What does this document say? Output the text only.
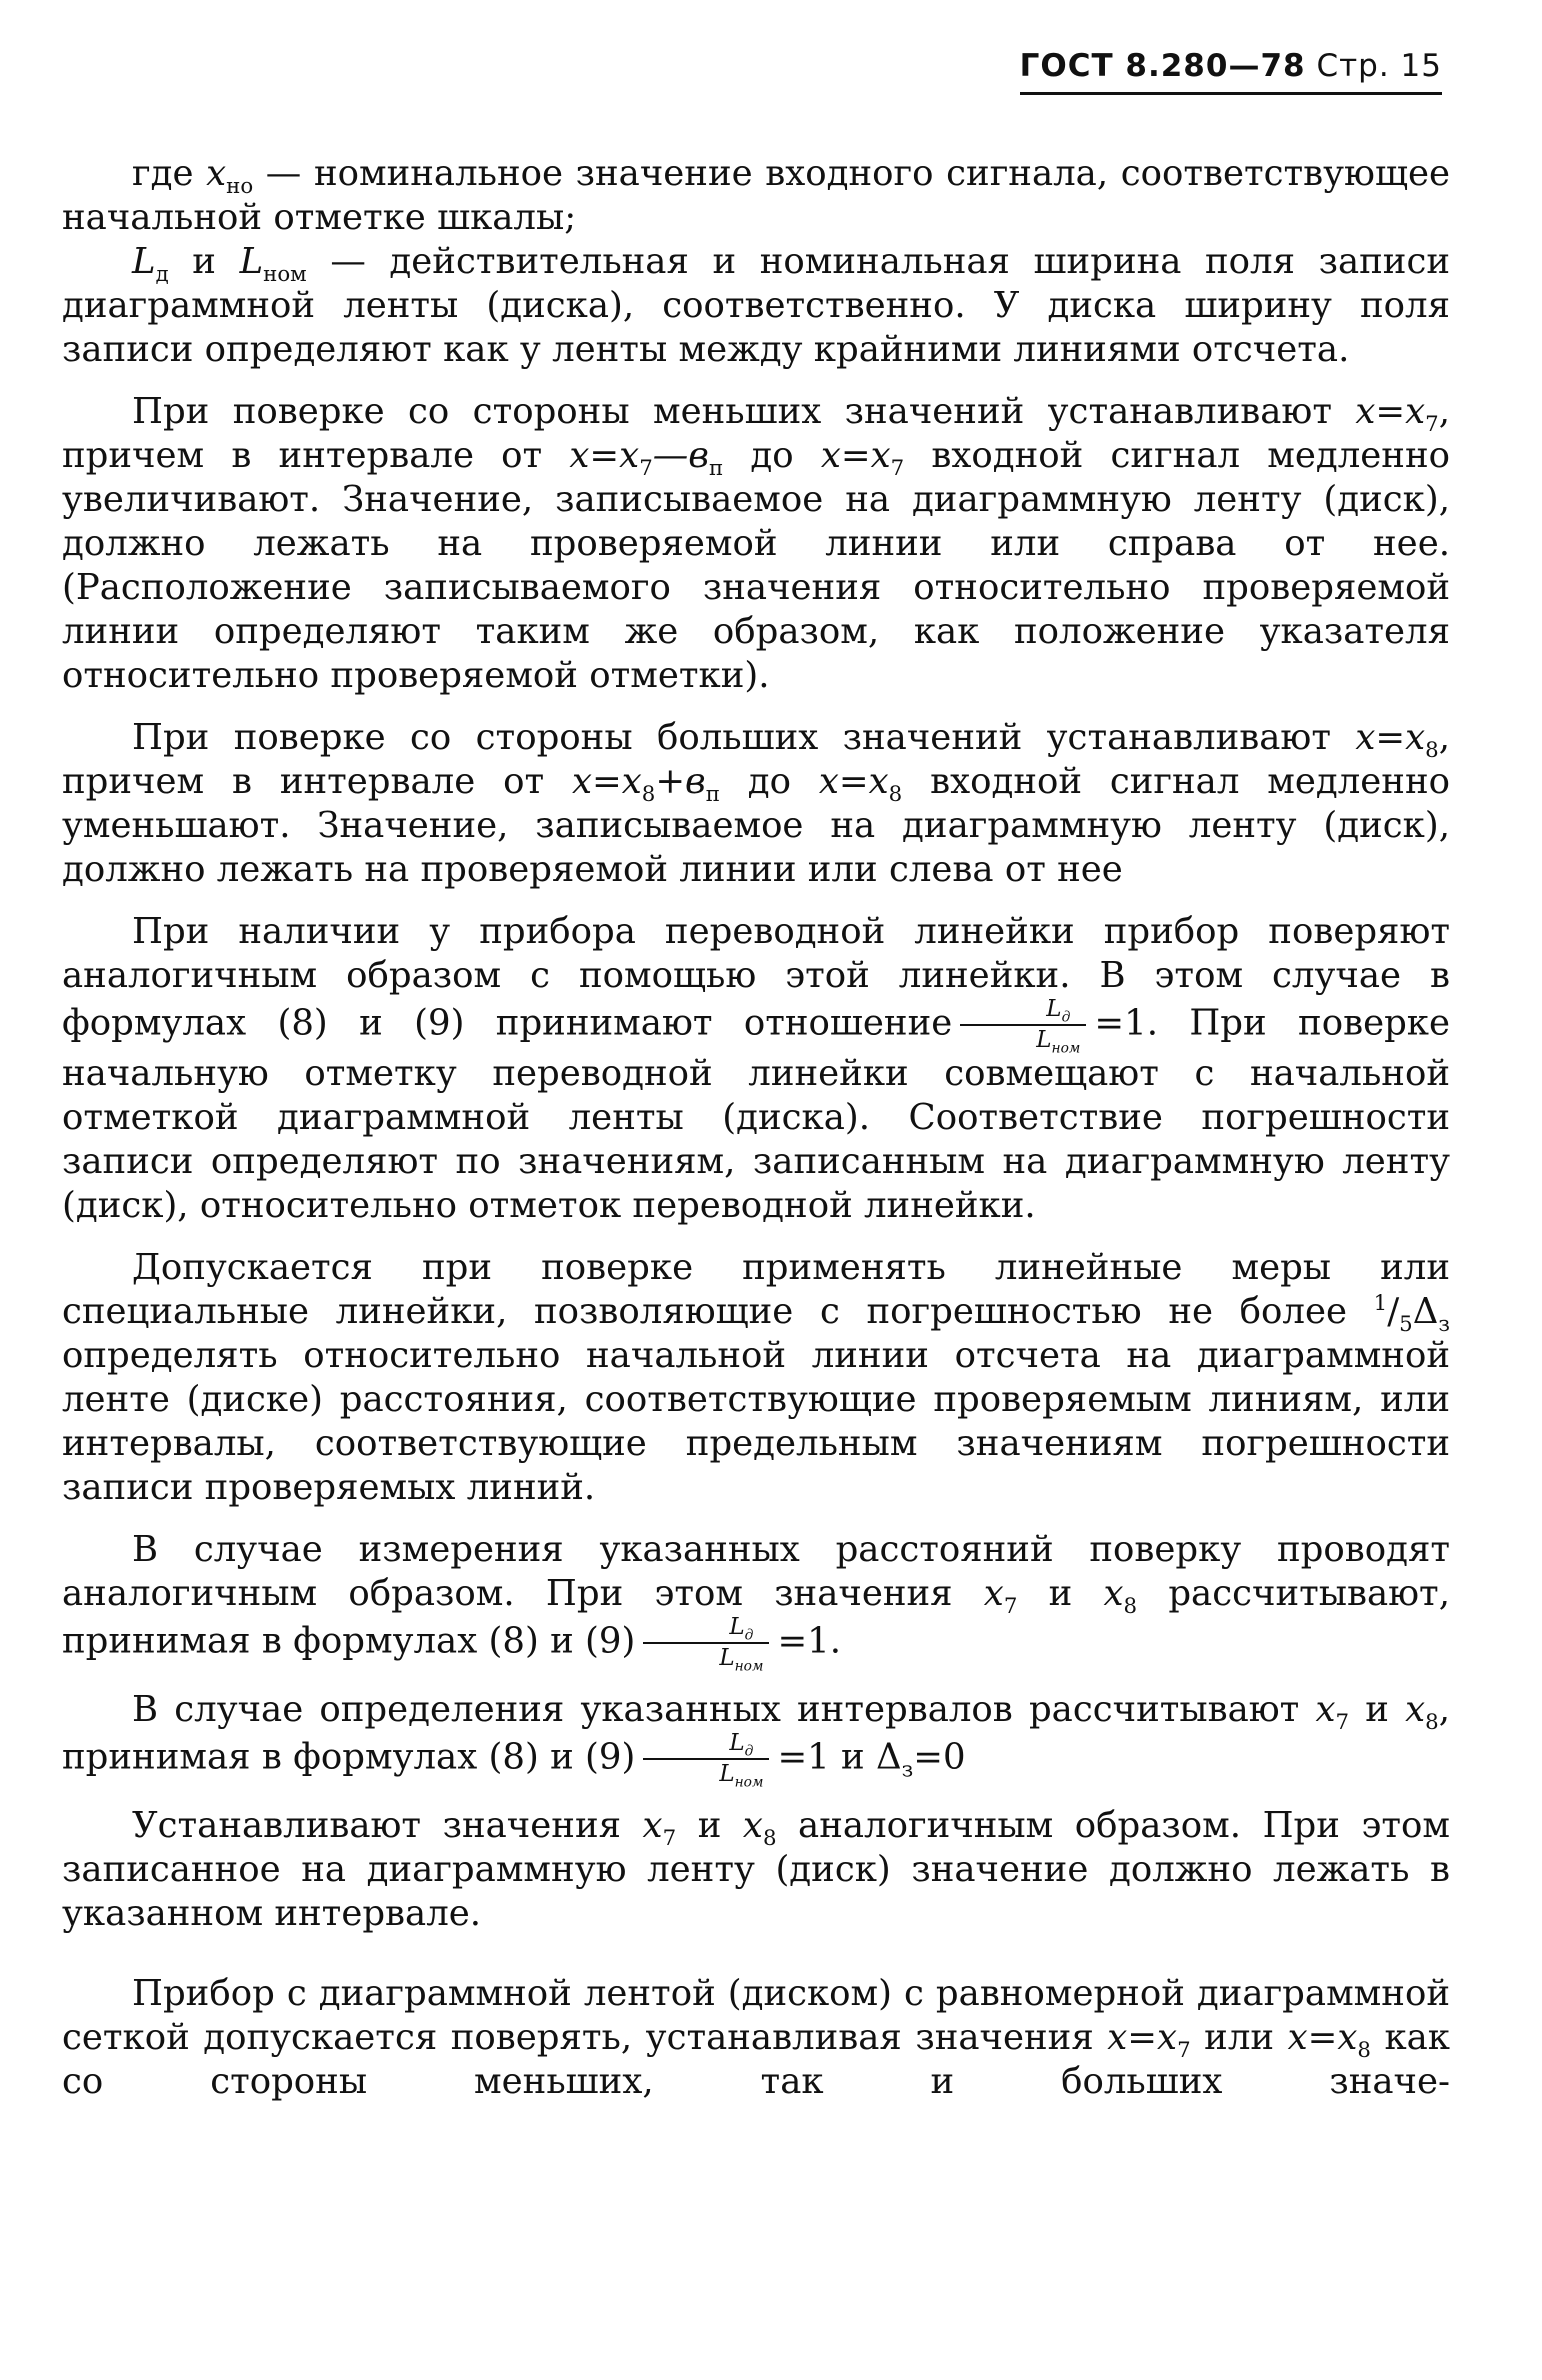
ГОСТ 8.280—78 Стр. 15

где $x_{но}$ — номинальное значение входного сигнала, соответствующее начальной отметке шкалы;

$L_д$ и $L_{ном}$ — действительная и номинальная ширина поля записи диаграммной ленты (диска), соответственно. У диска ширину поля записи определяют как у ленты между крайними линиями отсчета.

При поверке со стороны меньших значений устанавливают $x=x_7$, причем в интервале от $x=x_7—в_п$ до $x=x_7$ входной сигнал медленно увеличивают. Значение, записываемое на диаграммную ленту (диск), должно лежать на проверяемой линии или справа от нее. (Расположение записываемого значения относительно проверяемой линии определяют таким же образом, как положение указателя относительно проверяемой отметки).

При поверке со стороны больших значений устанавливают $x=x_8$, причем в интервале от $x=x_8+в_п$ до $x=x_8$ входной сигнал медленно уменьшают. Значение, записываемое на диаграммную ленту (диск), должно лежать на проверяемой линии или слева от нее

При наличии у прибора переводной линейки прибор поверяют аналогичным образом с помощью этой линейки. В этом случае в формулах (8) и (9) принимают отношение $\frac{L_д}{L_{ном}} =1$. При поверке начальную отметку переводной линейки совмещают с начальной отметкой диаграммной ленты (диска). Соответствие погрешности записи определяют по значениям, записанным на диаграммную ленту (диск), относительно отметок переводной линейки.

Допускается при поверке применять линейные меры или специальные линейки, позволяющие с погрешностью не более $^1/_5\Delta_з$ определять относительно начальной линии отсчета на диаграммной ленте (диске) расстояния, соответствующие проверяемым линиям, или интервалы, соответствующие предельным значениям погрешности записи проверяемых линий.

В случае измерения указанных расстояний поверку проводят аналогичным образом. При этом значения $x_7$ и $x_8$ рассчитывают, принимая в формулах (8) и $(9) \frac{L_д}{L_{ном}} =1$.

В случае определения указанных интервалов рассчитывают $x_7$ и $x_8$, принимая в формулах (8) и $(9) \frac{L_д}{L_{ном}} =1$ и $\Delta_з=0$

Устанавливают значения $x_7$ и $x_8$ аналогичным образом. При этом записанное на диаграммную ленту (диск) значение должно лежать в указанном интервале.

Прибор с диаграммной лентой (диском) с равномерной диаграммной сеткой допускается поверять, устанавливая значения $x=x_7$ или $x=x_8$ как со стороны меньших, так и больших значе-
